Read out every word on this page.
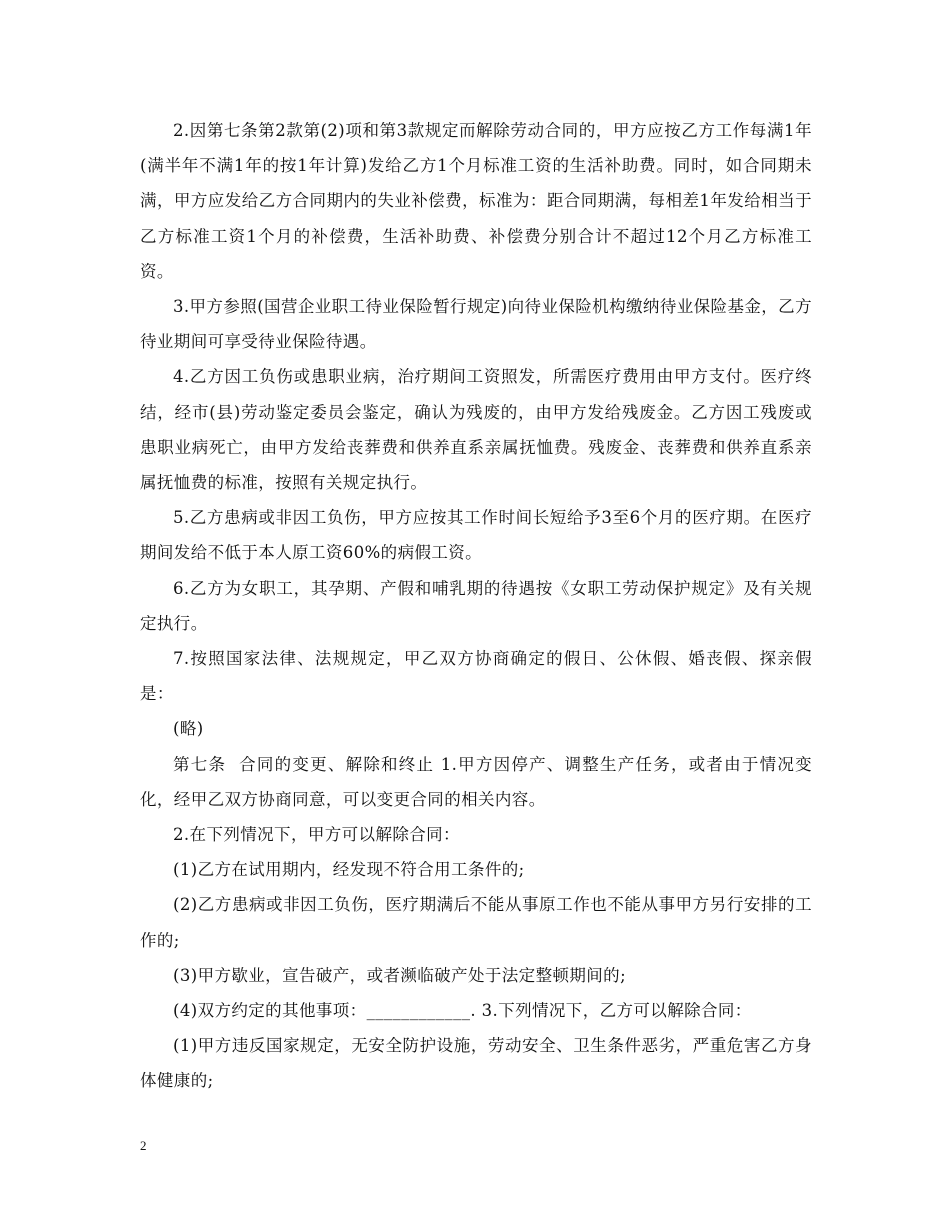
2.因第七条第2款第(2)项和第3款规定而解除劳动合同的，甲方应按乙方工作每满1年(满半年不满1年的按1年计算)发给乙方1个月标准工资的生活补助费。同时，如合同期未满，甲方应发给乙方合同期内的失业补偿费，标准为：距合同期满，每相差1年发给相当于乙方标准工资1个月的补偿费，生活补助费、补偿费分别合计不超过12个月乙方标准工资。

3.甲方参照(国营企业职工待业保险暂行规定)向待业保险机构缴纳待业保险基金，乙方待业期间可享受待业保险待遇。

4.乙方因工负伤或患职业病，治疗期间工资照发，所需医疗费用由甲方支付。医疗终结，经市(县)劳动鉴定委员会鉴定，确认为残废的，由甲方发给残废金。乙方因工残废或患职业病死亡，由甲方发给丧葬费和供养直系亲属抚恤费。残废金、丧葬费和供养直系亲属抚恤费的标准，按照有关规定执行。

5.乙方患病或非因工负伤，甲方应按其工作时间长短给予3至6个月的医疗期。在医疗期间发给不低于本人原工资60%的病假工资。

6.乙方为女职工，其孕期、产假和哺乳期的待遇按《女职工劳动保护规定》及有关规定执行。

7.按照国家法律、法规规定，甲乙双方协商确定的假日、公休假、婚丧假、探亲假是：

(略)

第七条  合同的变更、解除和终止 1.甲方因停产、调整生产任务，或者由于情况变化，经甲乙双方协商同意，可以变更合同的相关内容。

2.在下列情况下，甲方可以解除合同：

(1)乙方在试用期内，经发现不符合用工条件的;

(2)乙方患病或非因工负伤，医疗期满后不能从事原工作也不能从事甲方另行安排的工作的;

(3)甲方歇业，宣告破产，或者濒临破产处于法定整顿期间的;

(4)双方约定的其他事项：____________. 3.下列情况下，乙方可以解除合同：

(1)甲方违反国家规定，无安全防护设施，劳动安全、卫生条件恶劣，严重危害乙方身体健康的;

2
